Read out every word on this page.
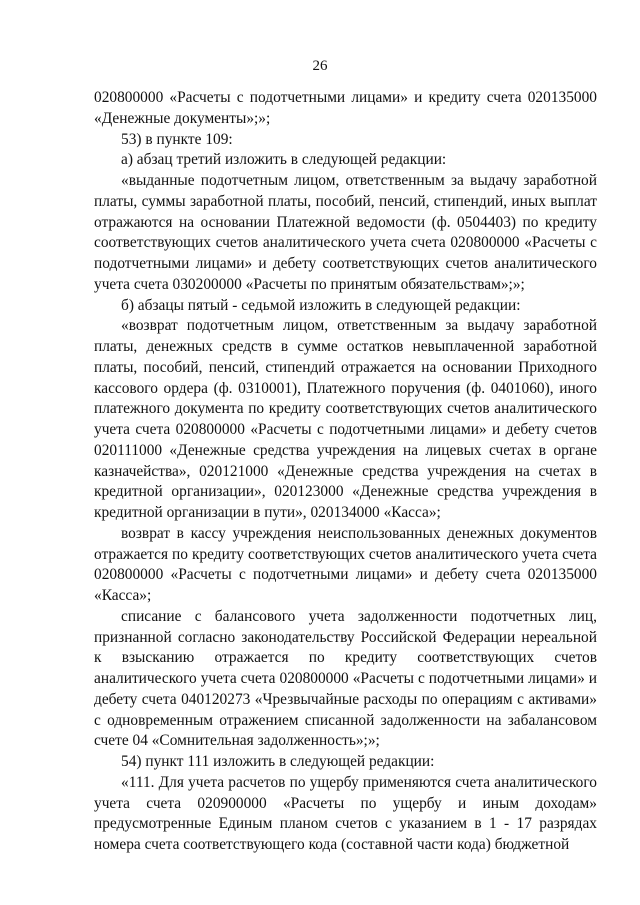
26

020800000 «Расчеты с подотчетными лицами» и кредиту счета 020135000 «Денежные документы»;»;

53) в пункте 109:

а) абзац третий изложить в следующей редакции:

«выданные подотчетным лицом, ответственным за выдачу заработной платы, суммы заработной платы, пособий, пенсий, стипендий, иных выплат отражаются на основании Платежной ведомости (ф. 0504403) по кредиту соответствующих счетов аналитического учета счета 020800000 «Расчеты с подотчетными лицами» и дебету соответствующих счетов аналитического учета счета 030200000 «Расчеты по принятым обязательствам»;»;

б) абзацы пятый - седьмой изложить в следующей редакции:

«возврат подотчетным лицом, ответственным за выдачу заработной платы, денежных средств в сумме остатков невыплаченной заработной платы, пособий, пенсий, стипендий отражается на основании Приходного кассового ордера (ф. 0310001), Платежного поручения (ф. 0401060), иного платежного документа по кредиту соответствующих счетов аналитического учета счета 020800000 «Расчеты с подотчетными лицами» и дебету счетов 020111000 «Денежные средства учреждения на лицевых счетах в органе казначейства», 020121000 «Денежные средства учреждения на счетах в кредитной организации», 020123000 «Денежные средства учреждения в кредитной организации в пути», 020134000 «Касса»;

возврат в кассу учреждения неиспользованных денежных документов отражается по кредиту соответствующих счетов аналитического учета счета 020800000 «Расчеты с подотчетными лицами» и дебету счета 020135000 «Касса»;

списание с балансового учета задолженности подотчетных лиц, признанной согласно законодательству Российской Федерации нереальной к взысканию отражается по кредиту соответствующих счетов аналитического учета счета 020800000 «Расчеты с подотчетными лицами» и дебету счета 040120273 «Чрезвычайные расходы по операциям с активами» с одновременным отражением списанной задолженности на забалансовом счете 04 «Сомнительная задолженность»;»;

54) пункт 111 изложить в следующей редакции:

«111. Для учета расчетов по ущербу применяются счета аналитического учета счета 020900000 «Расчеты по ущербу и иным доходам» предусмотренные Единым планом счетов с указанием в 1 - 17 разрядах номера счета соответствующего кода (составной части кода) бюджетной
